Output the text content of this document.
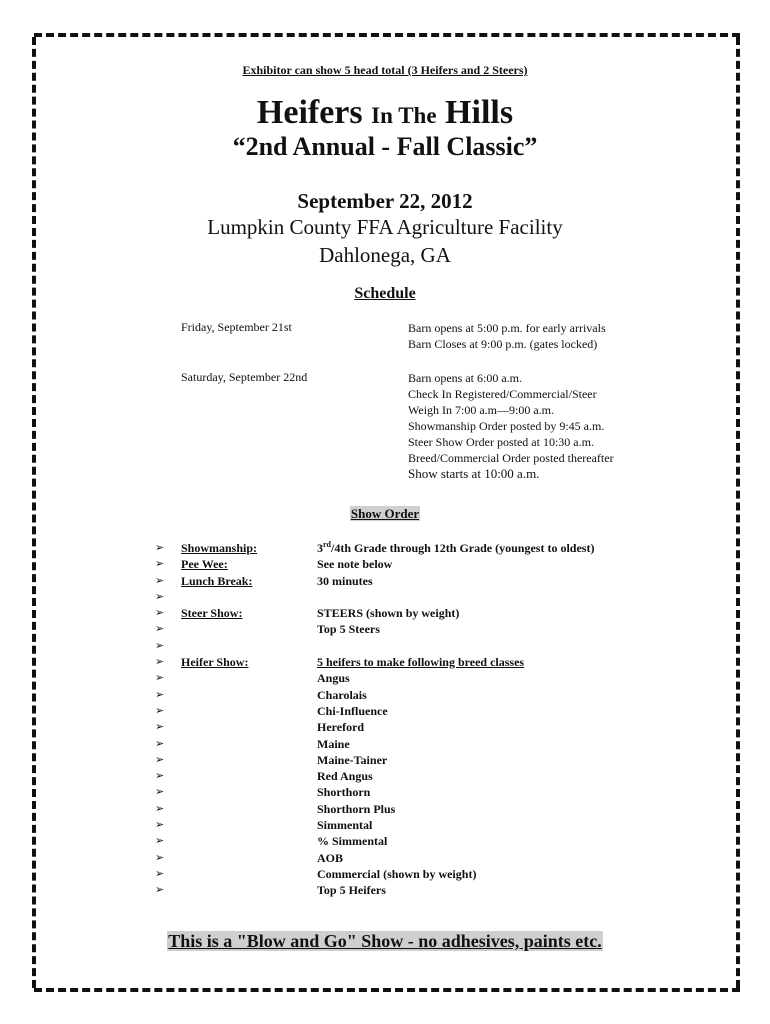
Exhibitor can show 5 head total (3 Heifers and 2 Steers)
Heifers In The Hills
“2nd Annual - Fall Classic”
September 22, 2012
Lumpkin County FFA Agriculture Facility
Dahlonega, GA
Schedule
Friday, September 21st	Barn opens at 5:00 p.m. for early arrivals
Barn Closes at 9:00 p.m. (gates locked)
Saturday, September 22nd	Barn opens at 6:00 a.m.
Check In Registered/Commercial/Steer
Weigh In 7:00 a.m—9:00 a.m.
Showmanship Order posted by 9:45 a.m.
Steer Show Order posted at 10:30 a.m.
Breed/Commercial Order posted thereafter
Show starts at 10:00 a.m.
Show Order
➢ Showmanship:	3rd/4th Grade through 12th Grade (youngest to oldest)
➢ Pee Wee:	See note below
➢ Lunch Break:	30 minutes
➢
➢ Steer Show:	STEERS (shown by weight)
➢	Top 5 Steers
➢
➢ Heifer Show:	5 heifers to make following breed classes
➢	Angus
➢	Charolais
➢	Chi-Influence
➢	Hereford
➢	Maine
➢	Maine-Tainer
➢	Red Angus
➢	Shorthorn
➢	Shorthorn Plus
➢	Simmental
➢	% Simmental
➢	AOB
➢	Commercial (shown by weight)
➢	Top 5 Heifers
This is a "Blow and Go" Show - no adhesives, paints etc.
